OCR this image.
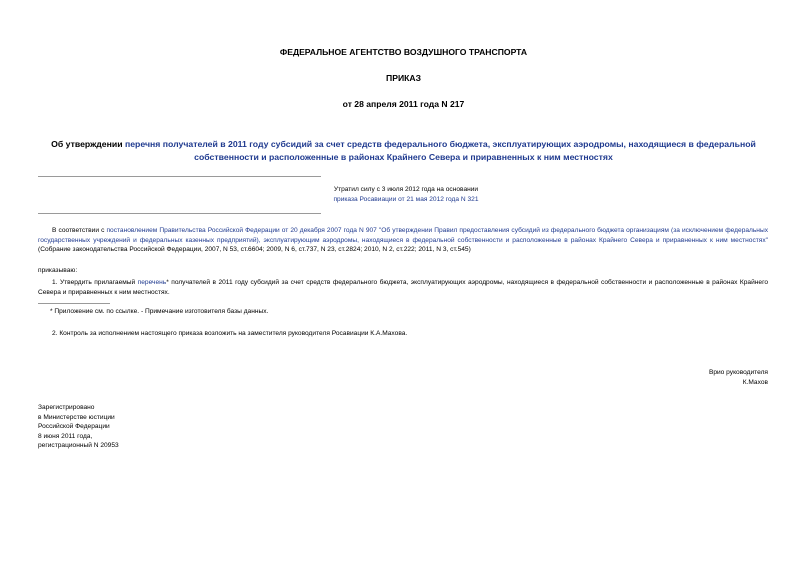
ФЕДЕРАЛЬНОЕ АГЕНТСТВО ВОЗДУШНОГО ТРАНСПОРТА
ПРИКАЗ
от 28 апреля 2011 года N 217
Об утверждении перечня получателей в 2011 году субсидий за счет средств федерального бюджета, эксплуатирующих аэродромы, находящиеся в федеральной собственности и расположенные в районах Крайнего Севера и приравненных к ним местностях
Утратил силу с 3 июля 2012 года на основании
приказа Росавиации от 21 мая 2012 года N 321
В соответствии с постановлением Правительства Российской Федерации от 20 декабря 2007 года N 907 "Об утверждении Правил предоставления субсидий из федерального бюджета организациям (за исключением федеральных государственных учреждений и федеральных казенных предприятий), эксплуатирующим аэродромы, находящиеся в федеральной собственности и расположенные в районах Крайнего Севера и приравненных к ним местностях" (Собрание законодательства Российской Федерации, 2007, N 53, ст.6604; 2009, N 6, ст.737, N 23, ст.2824; 2010, N 2, ст.222; 2011, N 3, ст.545)
приказываю:
1. Утвердить прилагаемый перечень* получателей в 2011 году субсидий за счет средств федерального бюджета, эксплуатирующих аэродромы, находящиеся в федеральной собственности и расположенные в районах Крайнего Севера и приравненных к ним местностях.
* Приложение см. по ссылке. - Примечание изготовителя базы данных.
2. Контроль за исполнением настоящего приказа возложить на заместителя руководителя Росавиации К.А.Махова.
Врио руководителя
К.Махов
Зарегистрировано
в Министерстве юстиции
Российской Федерации
8 июня 2011 года,
регистрационный N 20953
